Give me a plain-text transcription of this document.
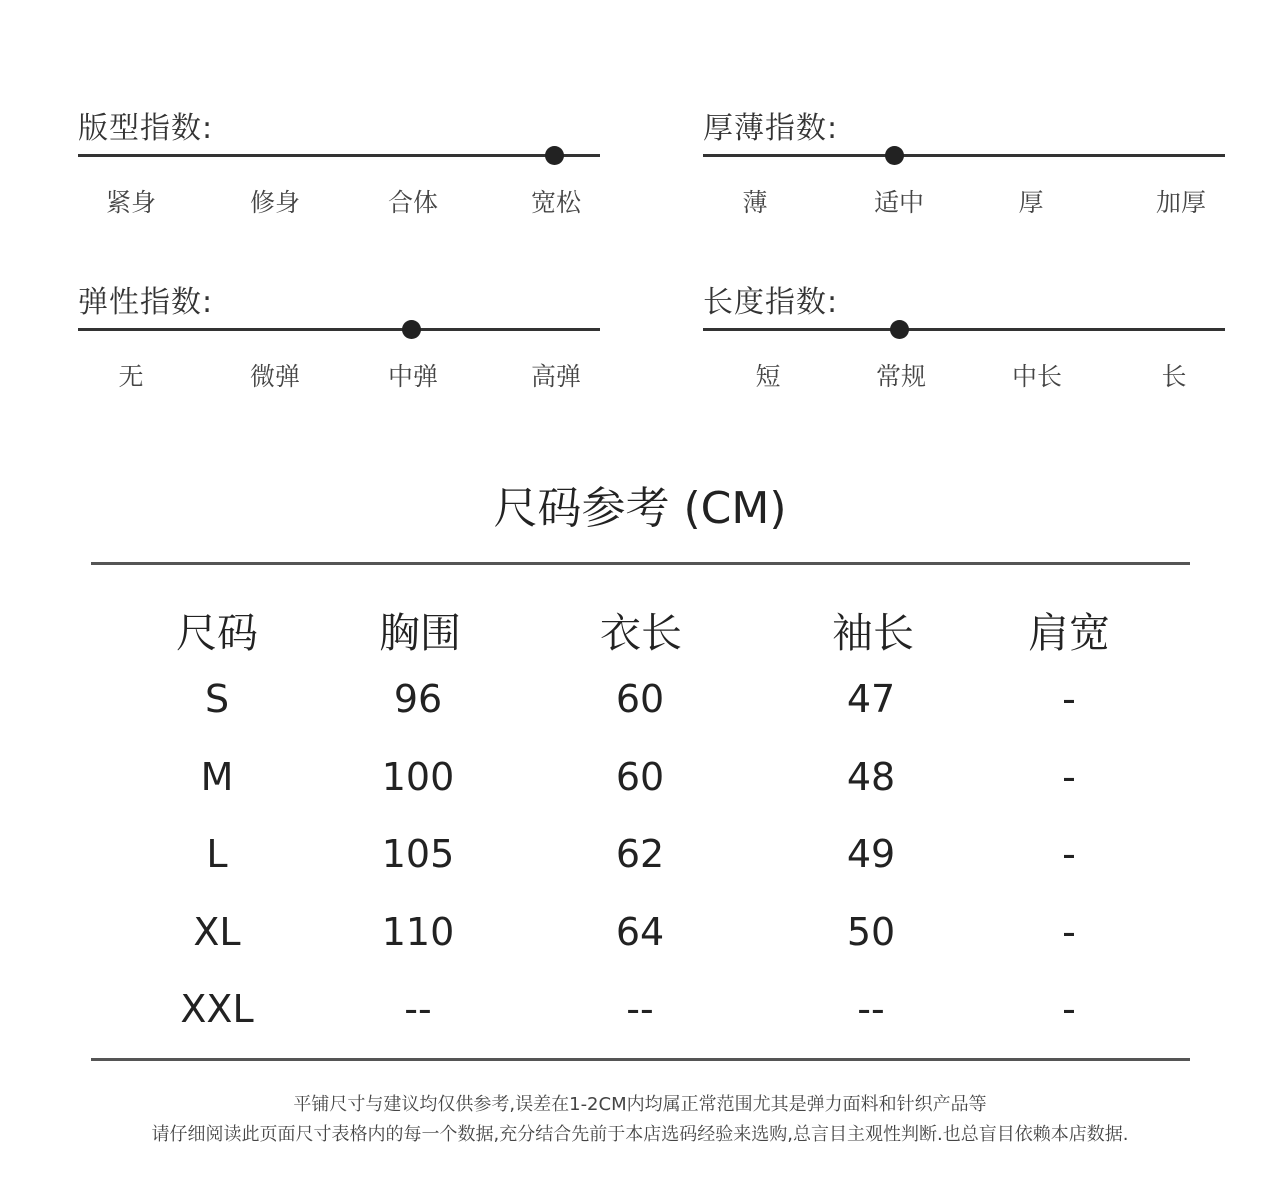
版型指数:
紧身	修身	合体	宽松
厚薄指数:
薄	适中	厚	加厚
弹性指数:
无	微弹	中弹	高弹
长度指数:
短	常规	中长	长
尺码参考 (CM)
尺码	胸围	衣长	袖长	肩宽
S	96	60	47	-
M	100	60	48	-
L	105	62	49	-
XL	110	64	50	-
XXL	--	--	--	-
平铺尺寸与建议均仅供参考,误差在1-2CM内均属正常范围尤其是弹力面料和针织产品等
请仔细阅读此页面尺寸表格内的每一个数据,充分结合先前于本店选码经验来选购,总言目主观性判断.也总盲目依赖本店数据.
